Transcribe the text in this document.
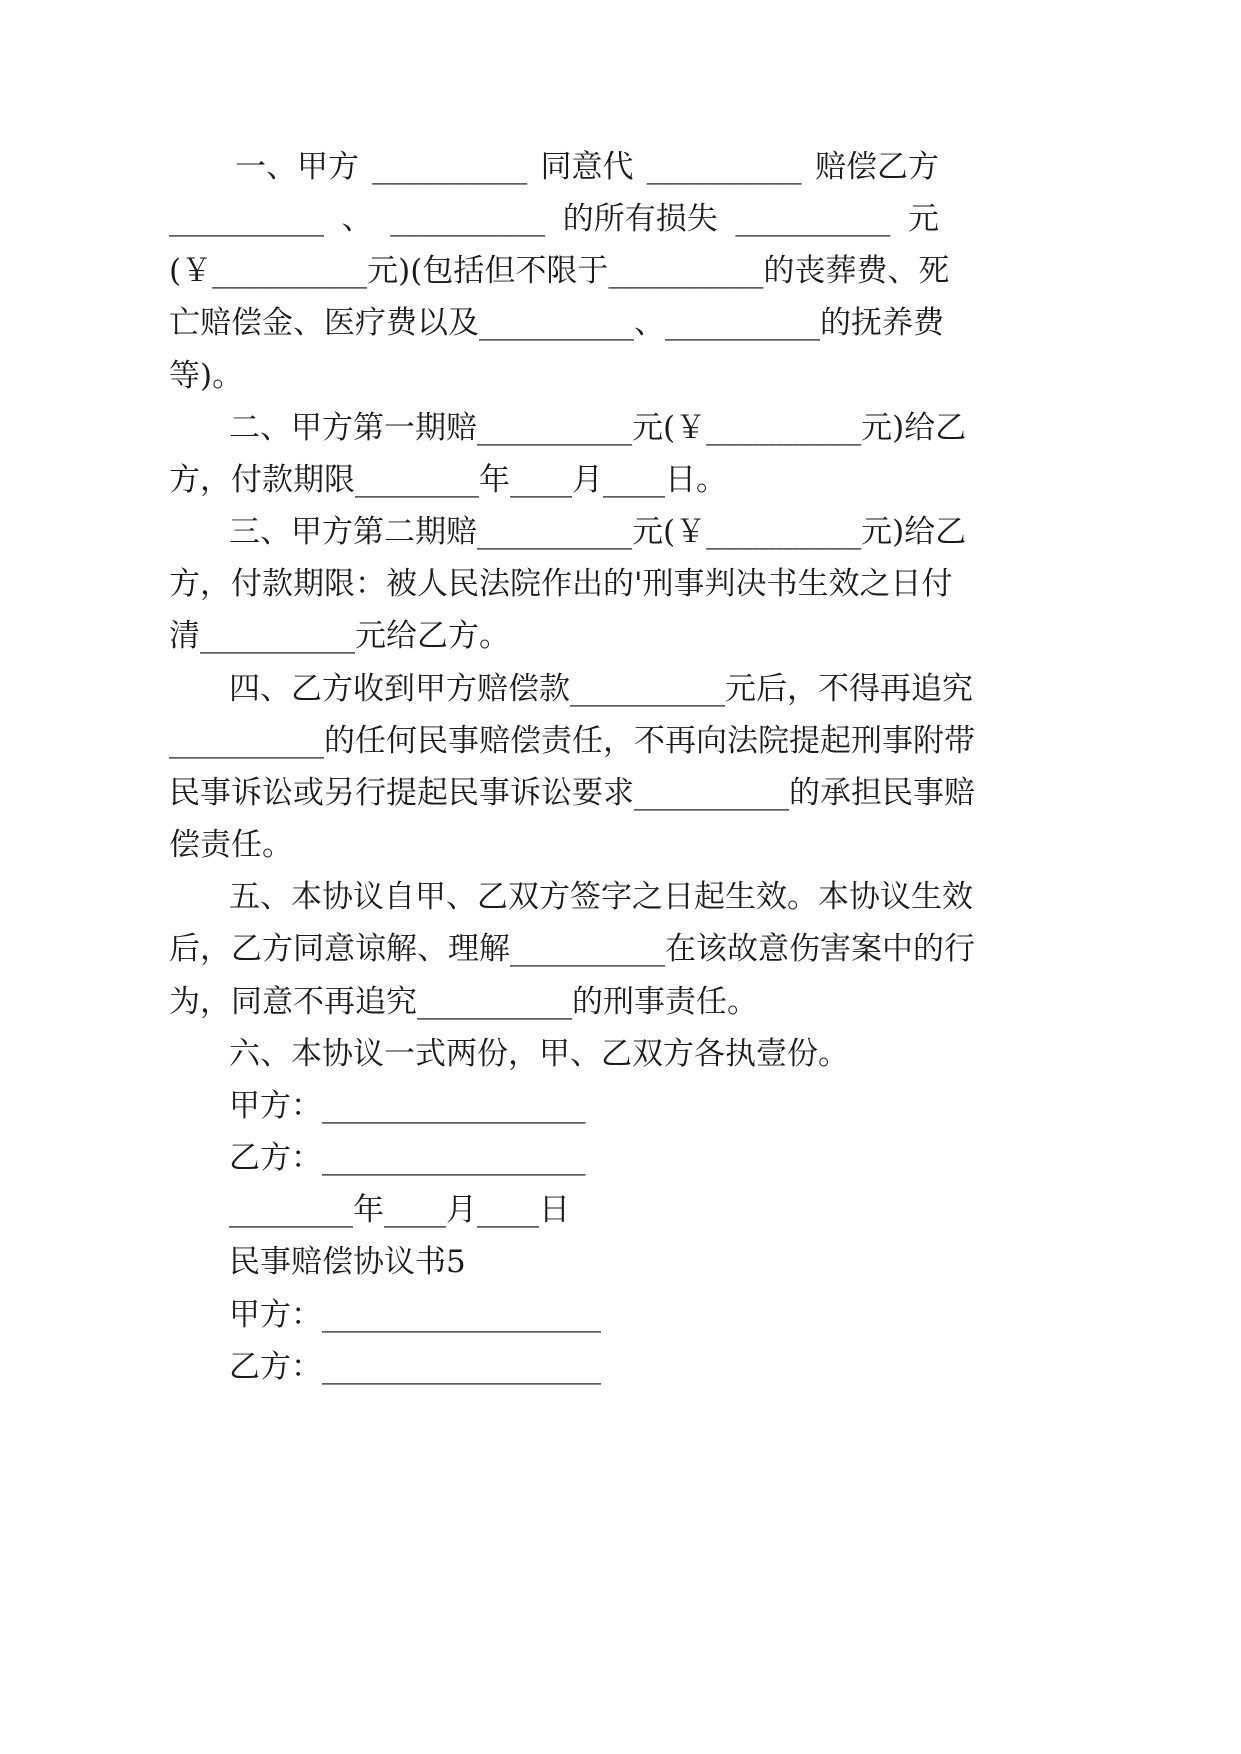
一、甲方 __________ 同意代 __________ 赔偿乙方
__________ 、 __________ 的所有损失 __________ 元
( ￥ _ _ _ _ _ _ _ _ _ _ 元 ) ( 包 括 但 不 限 于 _ _ _ _ _ _ _ _ _ _ 的 丧 葬 费 、 死
亡 赔 偿 金 、 医 疗 费 以 及 _ _ _ _ _ _ _ _ _ _ 、 _ _ _ _ _ _ _ _ _ _ 的 抚 养 费
等)。
二 、 甲 方 第 一 期 赔 _ _ _ _ _ _ _ _ _ _ 元 ( ￥ _ _ _ _ _ _ _ _ _ _ 元 ) 给 乙
方，付款期限________年____月____日。
三 、 甲 方 第 二 期 赔 _ _ _ _ _ _ _ _ _ _ 元 ( ￥ _ _ _ _ _ _ _ _ _ _ 元 ) 给 乙
方 ， 付 款 期 限 ： 被 人 民 法 院 作 出 的 ' 刑 事 判 决 书 生 效 之 日 付
清__________元给乙方。
四 、 乙 方 收 到 甲 方 赔 偿 款 _ _ _ _ _ _ _ _ _ _ 元 后 ， 不 得 再 追 究
_ _ _ _ _ _ _ _ _ _ 的 任 何 民 事 赔 偿 责 任 ， 不 再 向 法 院 提 起 刑 事 附 带
民 事 诉 讼 或 另 行 提 起 民 事 诉 讼 要 求 _ _ _ _ _ _ _ _ _ _ 的 承 担 民 事 赔
偿责任。
五 、 本 协 议 自 甲 、 乙 双 方 签 字 之 日 起 生 效 。 本 协 议 生 效
后 ， 乙 方 同 意 谅 解 、 理 解 _ _ _ _ _ _ _ _ _ _ 在 该 故 意 伤 害 案 中 的 行
为，同意不再追究__________的刑事责任。
六、本协议一式两份，甲、乙双方各执壹份。
甲方：_________________
乙方：_________________
________年____月____日
民事赔偿协议书5
甲方：__________________
乙方：__________________
